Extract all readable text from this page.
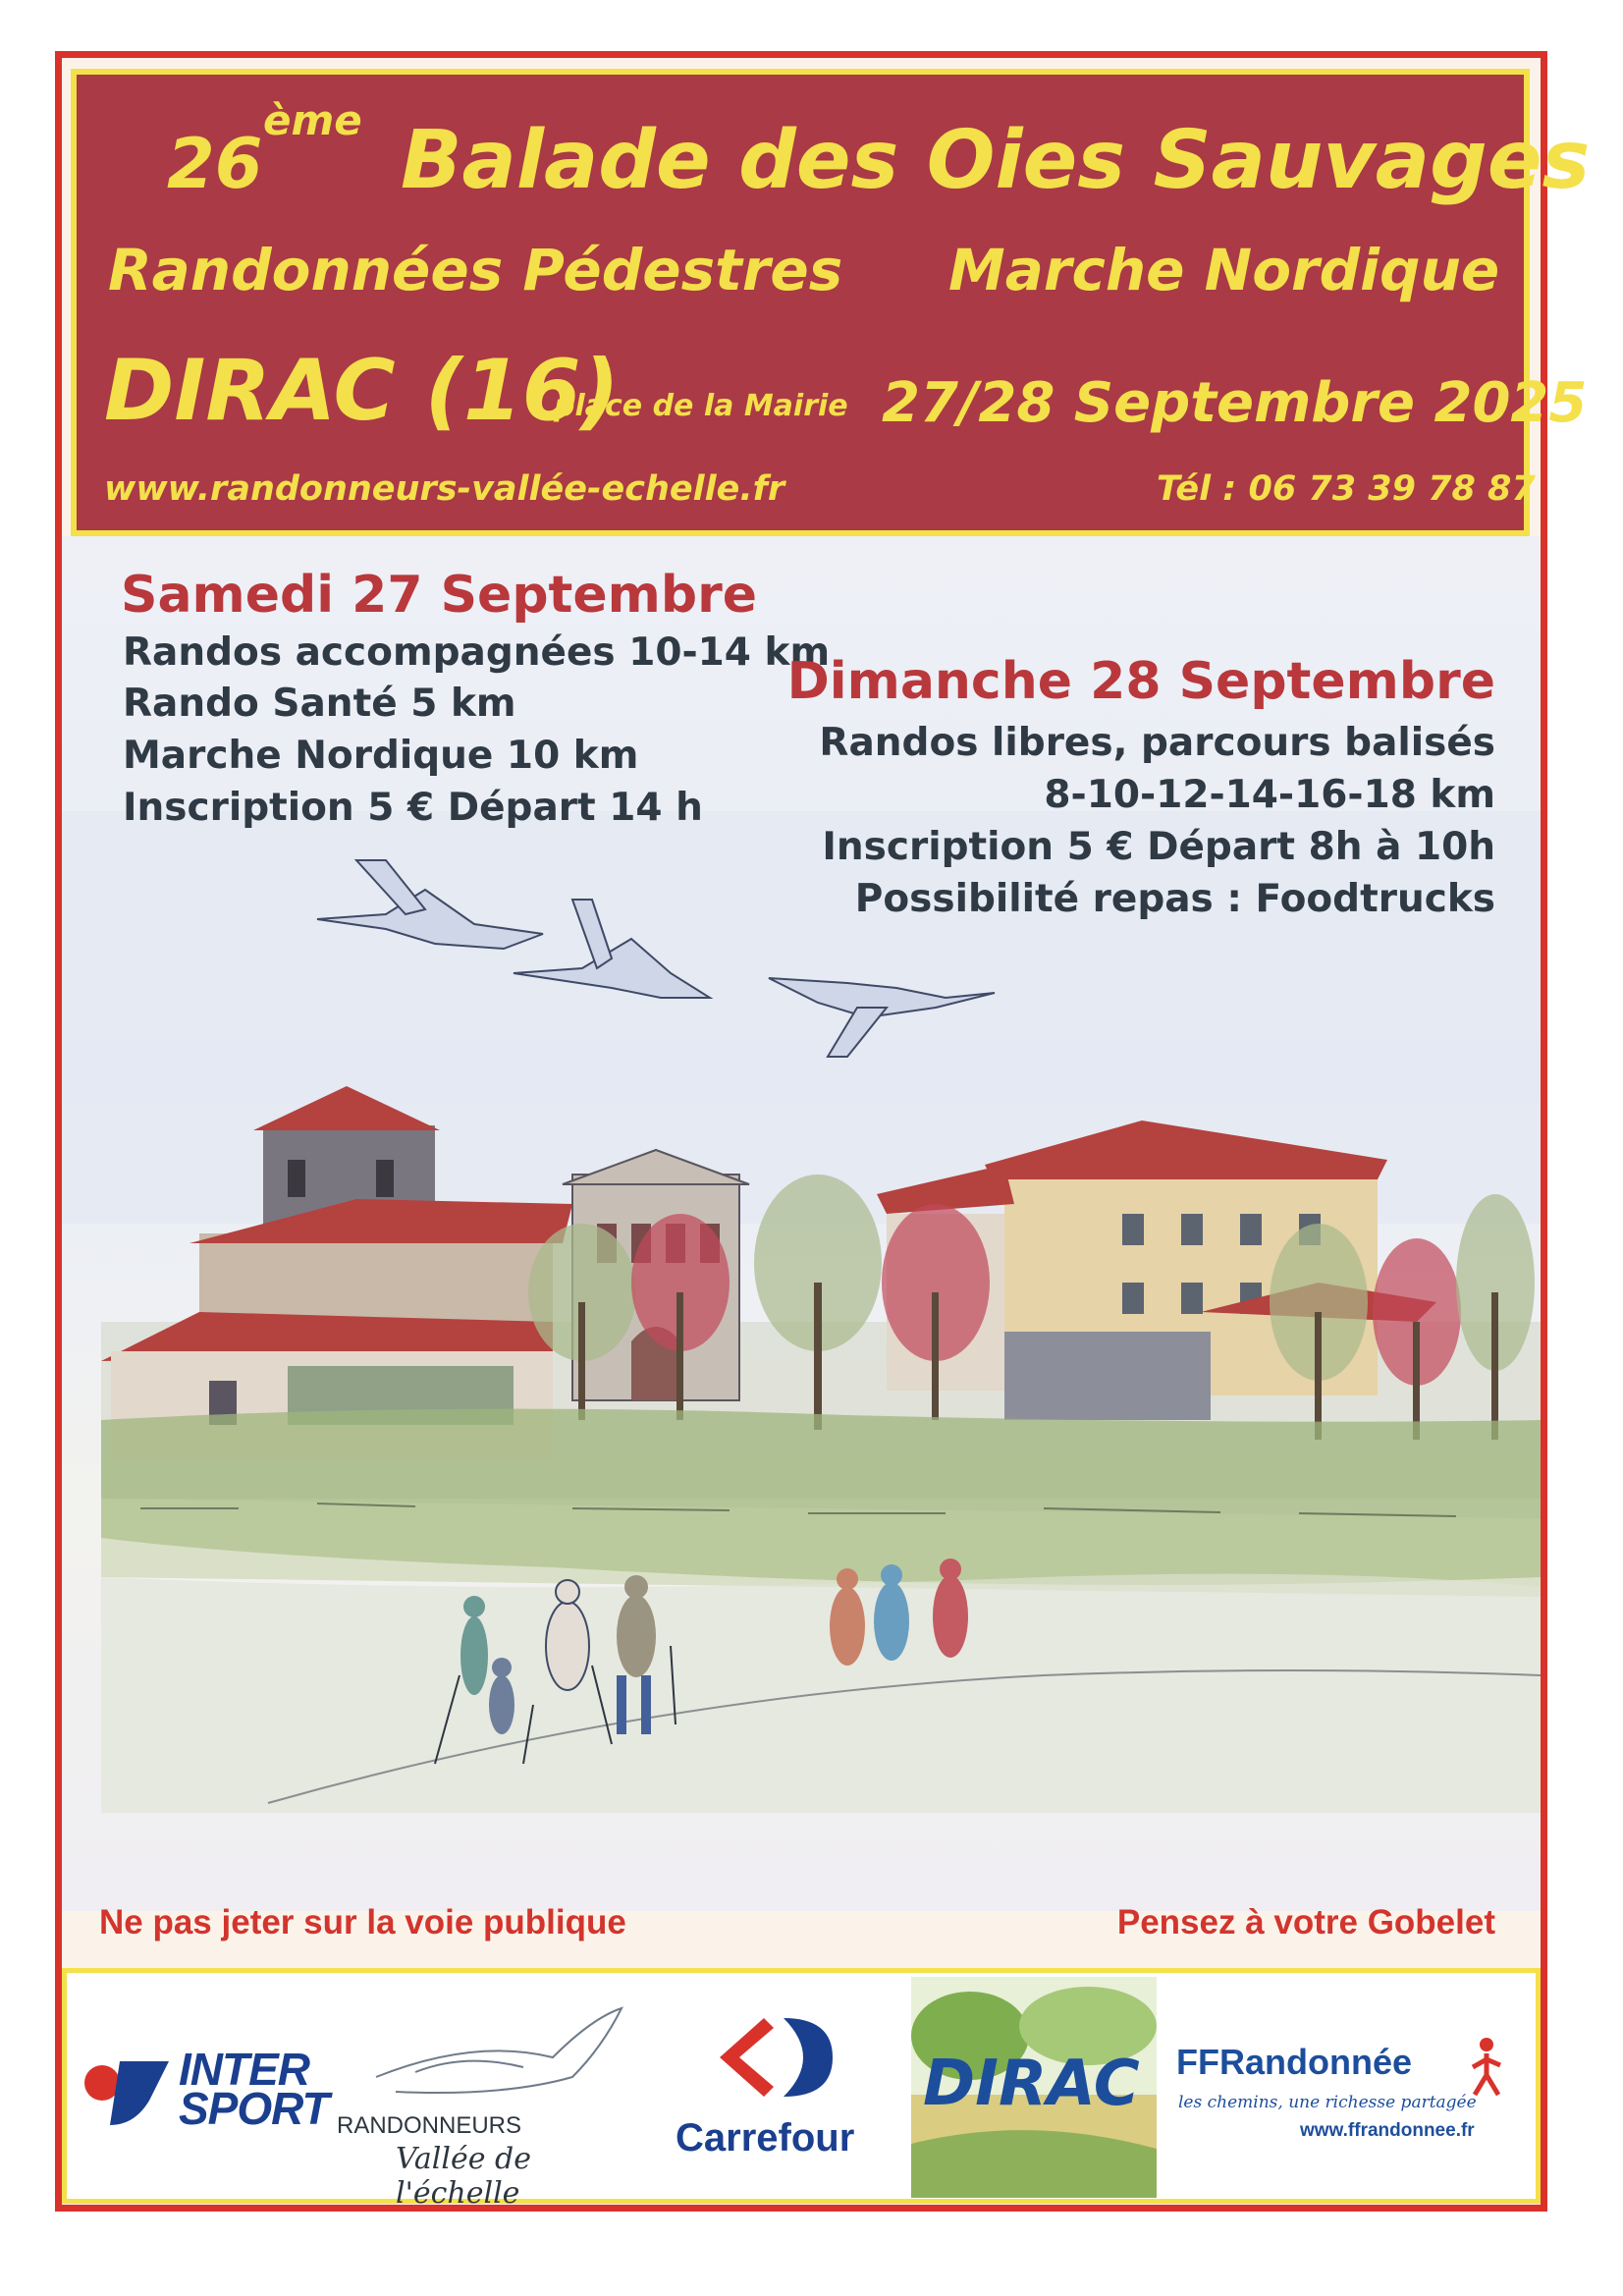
26
ème Balade des Oies Sauvages
Randonnées Pédestres Marche Nordique
DIRAC (16)
place de la Mairie 27/28 Septembre 2025
www.randonneurs-vallée-echelle.fr	Tél : 06 73 39 78 87
Samedi 27 Septembre
Randos accompagnées 10-14 km
Rando Santé 5 km
Marche Nordique 10 km
Inscription 5 € Départ 14 h
Dimanche 28 Septembre
Randos libres, parcours balisés
8-10-12-14-16-18 km
Inscription 5 € Départ 8h à 10h
Possibilité repas : Foodtrucks
Ne pas jeter sur la voie publique	Pensez à votre Gobelet
INTER
SPORT RANDONNEURS
Vallée de l'échelle
Carrefour
DIRAC FFRandonnée
les chemins, une richesse partagée
www.ffrandonnee.fr
